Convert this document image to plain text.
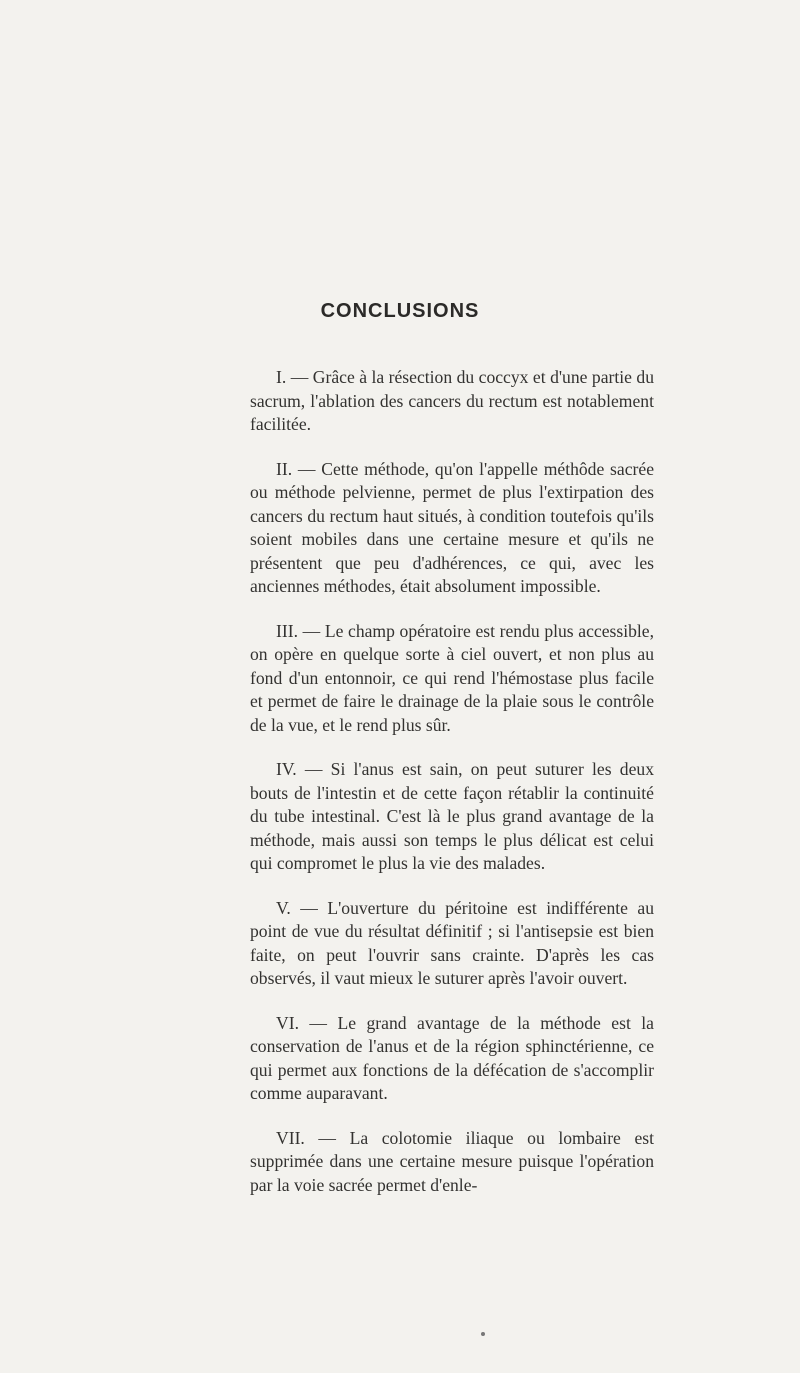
CONCLUSIONS

I. — Grâce à la résection du coccyx et d'une partie du sacrum, l'ablation des cancers du rectum est notablement facilitée.

II. — Cette méthode, qu'on l'appelle méthôde sacrée ou méthode pelvienne, permet de plus l'extirpation des cancers du rectum haut situés, à condition toutefois qu'ils soient mobiles dans une certaine mesure et qu'ils ne présentent que peu d'adhérences, ce qui, avec les anciennes méthodes, était absolument impossible.

III. — Le champ opératoire est rendu plus accessible, on opère en quelque sorte à ciel ouvert, et non plus au fond d'un entonnoir, ce qui rend l'hémostase plus facile et permet de faire le drainage de la plaie sous le contrôle de la vue, et le rend plus sûr.

IV. — Si l'anus est sain, on peut suturer les deux bouts de l'intestin et de cette façon rétablir la continuité du tube intestinal. C'est là le plus grand avantage de la méthode, mais aussi son temps le plus délicat est celui qui compromet le plus la vie des malades.

V. — L'ouverture du péritoine est indifférente au point de vue du résultat définitif ; si l'antisepsie est bien faite, on peut l'ouvrir sans crainte. D'après les cas observés, il vaut mieux le suturer après l'avoir ouvert.

VI. — Le grand avantage de la méthode est la conservation de l'anus et de la région sphinctérienne, ce qui permet aux fonctions de la défécation de s'accomplir comme auparavant.

VII. — La colotomie iliaque ou lombaire est supprimée dans une certaine mesure puisque l'opération par la voie sacrée permet d'enle-
